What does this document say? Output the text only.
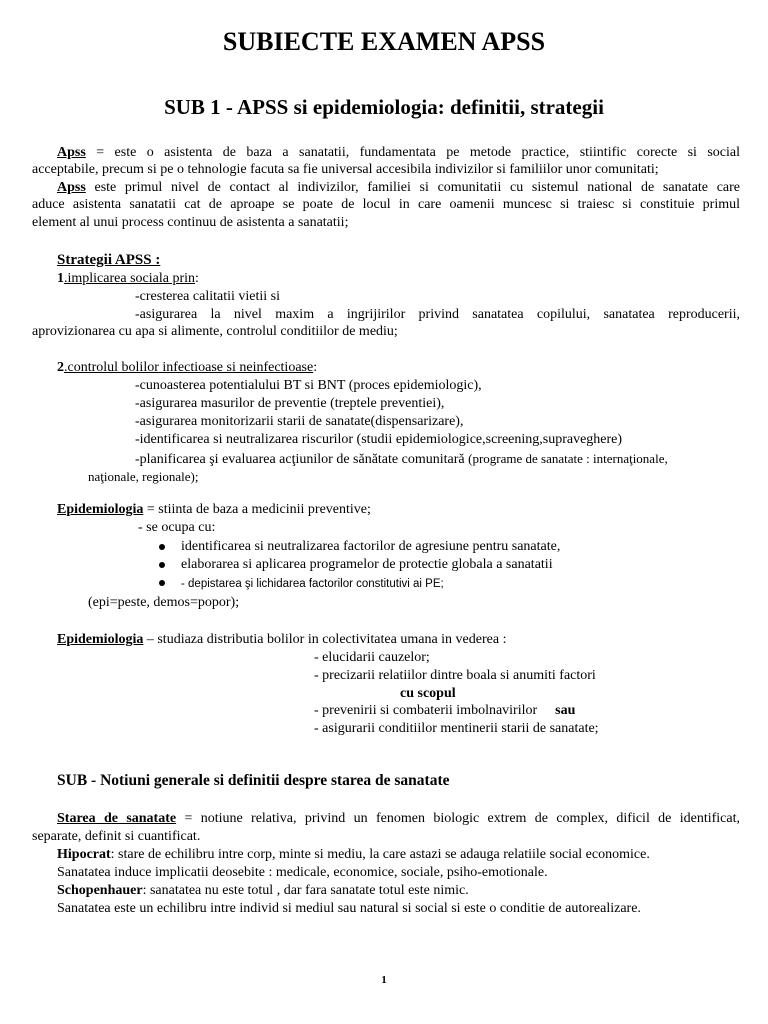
SUBIECTE EXAMEN APSS
SUB 1 - APSS si epidemiologia: definitii, strategii
Apss = este o asistenta de baza a sanatatii, fundamentata pe metode practice, stiintific corecte si social
acceptabile, precum si pe o tehnologie facuta sa fie universal accesibila indivizilor si familiilor unor comunitati;
Apss este primul nivel de contact al indivizilor, familiei si comunitatii cu sistemul national de sanatate care
aduce asistenta sanatatii cat de aproape se poate de locul in care oamenii muncesc si traiesc si constituie primul
element al unui process continuu de asistenta a sanatatii;
Strategii APSS :
1.implicarea sociala prin:
-cresterea calitatii vietii si
-asigurarea la nivel maxim a ingrijirilor privind sanatatea copilului, sanatatea reproducerii,
aprovizionarea cu apa si alimente, controlul conditiilor de mediu;
2.controlul bolilor infectioase si neinfectioase:
-cunoasterea potentialului BT si BNT (proces epidemiologic),
-asigurarea masurilor de preventie (treptele preventiei),
-asigurarea monitorizarii starii de sanatate(dispensarizare),
-identificarea si neutralizarea riscurilor (studii epidemiologice,screening,supraveghere)
-planificarea şi evaluarea acţiunilor de sănătate comunitară (programe de sanatate : internaţionale,
naţionale, regionale);
Epidemiologia = stiinta de baza a medicinii preventive;
- se ocupa cu:
identificarea si neutralizarea factorilor de agresiune pentru sanatate,
elaborarea si aplicarea programelor de protectie globala a sanatatii
- depistarea şi lichidarea factorilor constitutivi ai PE;
(epi=peste, demos=popor);
Epidemiologia – studiaza distributia bolilor in colectivitatea umana in vederea :
- elucidarii cauzelor;
- precizarii relatiilor dintre boala si anumiti factori
cu scopul
- prevenirii si combaterii imbolnavirilor sau
- asigurarii conditiilor mentinerii starii de sanatate;
SUB - Notiuni generale si definitii despre starea de sanatate
Starea de sanatate = notiune relativa, privind un fenomen biologic extrem de complex, dificil de identificat,
separate, definit si cuantificat.
Hipocrat: stare de echilibru intre corp, minte si mediu, la care astazi se adauga relatiile social economice.
Sanatatea induce implicatii deosebite : medicale, economice, sociale, psiho-emotionale.
Schopenhauer: sanatatea nu este totul , dar fara sanatate totul este nimic.
Sanatatea este un echilibru intre individ si mediul sau natural si social si este o conditie de autorealizare.
1
